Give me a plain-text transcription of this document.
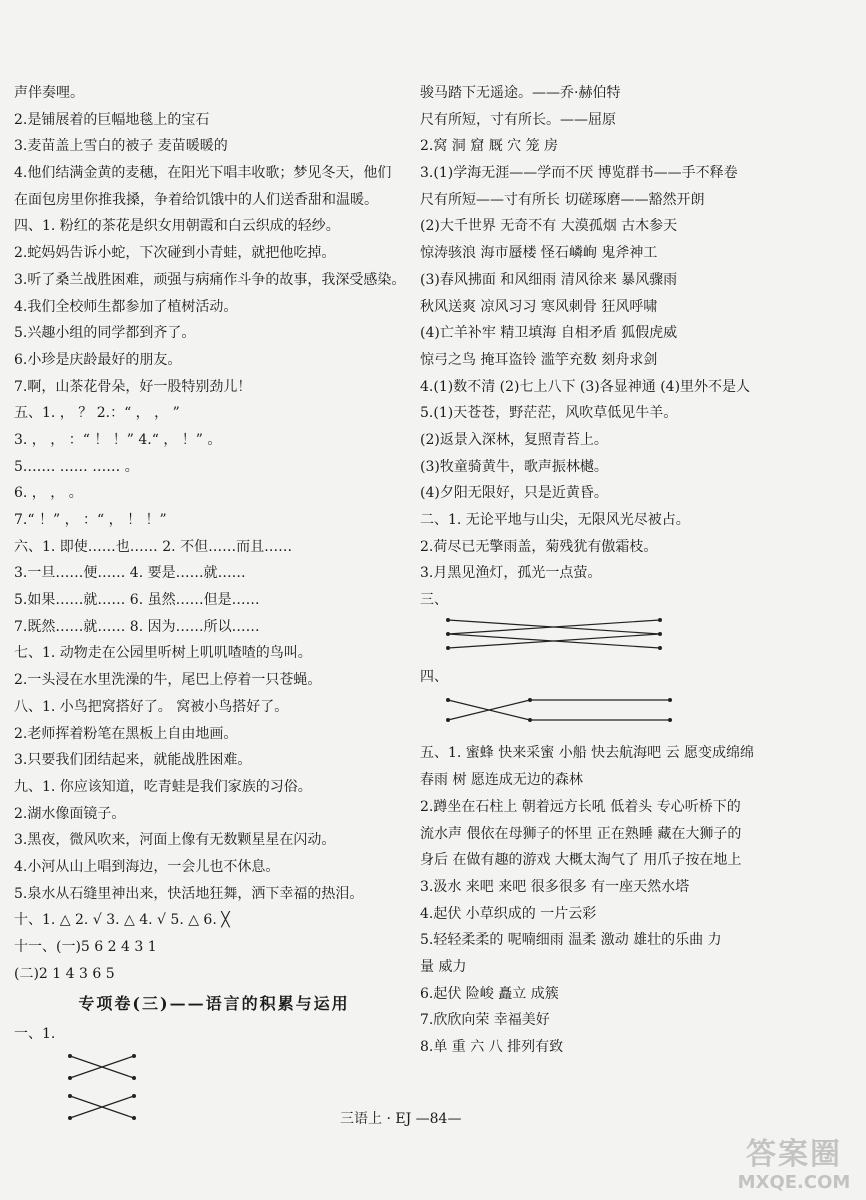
声伴奏哩。
2.是铺展着的巨幅地毯上的宝石
3.麦苗盖上雪白的被子 麦苗暖暖的
4.他们结满金黄的麦穗，在阳光下唱丰收歌；梦见冬天，他们
在面包房里你推我搡，争着给饥饿中的人们送香甜和温暖。
四、1. 粉红的茶花是织女用朝霞和白云织成的轻纱。
2.蛇妈妈告诉小蛇，下次碰到小青蛙，就把他吃掉。
3.听了桑兰战胜困难，顽强与病痛作斗争的故事，我深受感染。
4.我们全校师生都参加了植树活动。
5.兴趣小组的同学都到齐了。
6.小珍是庆龄最好的朋友。
7.啊，山茶花骨朵，好一股特别劲儿！
五、1. ， ？ 2.：“ ， ， ”
3. ， ， ：“ ！ ！” 4.“ ， ！” 。
5.…… …… …… 。
6. ， ， 。
7.“ ！” ， ：“ ， ！ ！”
六、1. 即使……也…… 2. 不但……而且……
3.一旦……便…… 4. 要是……就……
5.如果……就…… 6. 虽然……但是……
7.既然……就…… 8. 因为……所以……
七、1. 动物走在公园里听树上叽叽喳喳的鸟叫。
2.一头浸在水里洗澡的牛，尾巴上停着一只苍蝇。
八、1. 小鸟把窝搭好了。 窝被小鸟搭好了。
2.老师挥着粉笔在黑板上自由地画。
3.只要我们团结起来，就能战胜困难。
九、1. 你应该知道，吃青蛙是我们家族的习俗。
2.湖水像面镜子。
3.黑夜，微风吹来，河面上像有无数颗星星在闪动。
4.小河从山上唱到海边，一会儿也不休息。
5.泉水从石缝里神出来，快活地狂舞，洒下幸福的热泪。
十、1. △ 2. √ 3. △ 4. √ 5. △ 6. ╳
十一、(一)5 6 2 4 3 1
(二)2 1 4 3 6 5
专项卷(三)——语言的积累与运用
一、1.
骏马踏下无遥途。——乔·赫伯特
尺有所短，寸有所长。——屈原
2.窝 洞 窟 厩 穴 笼 房
3.(1)学海无涯——学而不厌 博览群书——手不释卷
尺有所短——寸有所长 切磋琢磨——豁然开朗
(2)大千世界 无奇不有 大漠孤烟 古木参天
惊涛骇浪 海市蜃楼 怪石嶙峋 鬼斧神工
(3)春风拂面 和风细雨 清风徐来 暴风骤雨
秋风送爽 凉风习习 寒风刺骨 狂风呼啸
(4)亡羊补牢 精卫填海 自相矛盾 狐假虎威
惊弓之鸟 掩耳盗铃 滥竽充数 刻舟求剑
4.(1)数不清 (2)七上八下 (3)各显神通 (4)里外不是人
5.(1)天苍苍，野茫茫，风吹草低见牛羊。
(2)返景入深林，复照青苔上。
(3)牧童骑黄牛，歌声振林樾。
(4)夕阳无限好，只是近黄昏。
二、1. 无论平地与山尖，无限风光尽被占。
2.荷尽已无擎雨盖，菊残犹有傲霜枝。
3.月黑见渔灯，孤光一点萤。
三、
四、
五、1. 蜜蜂 快来采蜜 小船 快去航海吧 云 愿变成绵绵
春雨 树 愿连成无边的森林
2.蹲坐在石柱上 朝着远方长吼 低着头 专心听桥下的
流水声 偎依在母狮子的怀里 正在熟睡 藏在大狮子的
身后 在做有趣的游戏 大概太淘气了 用爪子按在地上
3.汲水 来吧 来吧 很多很多 有一座天然水塔
4.起伏 小草织成的 一片云彩
5.轻轻柔柔的 呢喃细雨 温柔 激动 雄壮的乐曲 力
量 威力
6.起伏 险峻 矗立 成簇
7.欣欣向荣 幸福美好
8.单 重 六 八 排列有致
三语上 · EJ —84—
答案圈
MXQE.COM
